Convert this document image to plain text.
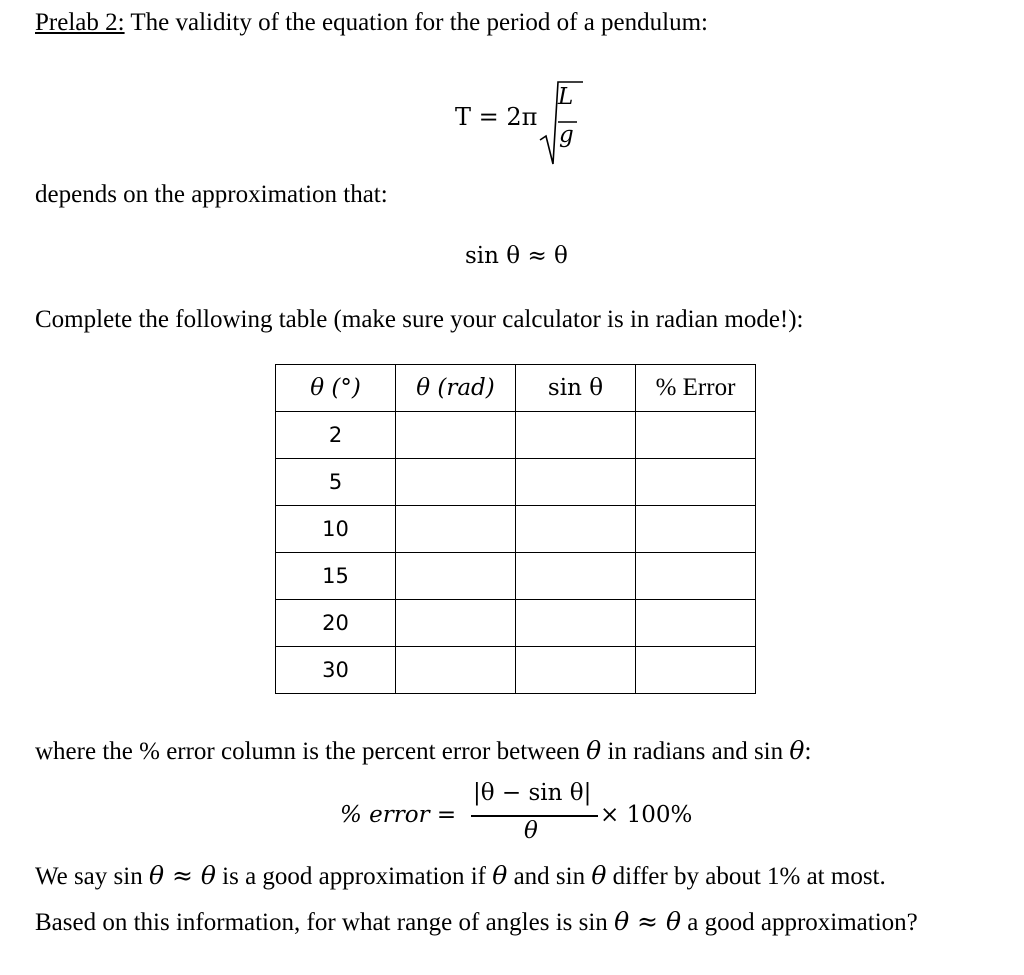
Prelab 2: The validity of the equation for the period of a pendulum:
T = 2π
L
g
depends on the approximation that:
sin θ ≈ θ
Complete the following table (make sure your calculator is in radian mode!):
θ (°)	θ (rad)	sin θ	% Error
2			
5			
10			
15			
20			
30			
where the % error column is the percent error between θ in radians and sin θ:
% error =
|θ − sin θ|
θ
× 100%
We say sin θ ≈ θ is a good approximation if θ and sin θ differ by about 1% at most.
Based on this information, for what range of angles is sin θ ≈ θ a good approximation?
